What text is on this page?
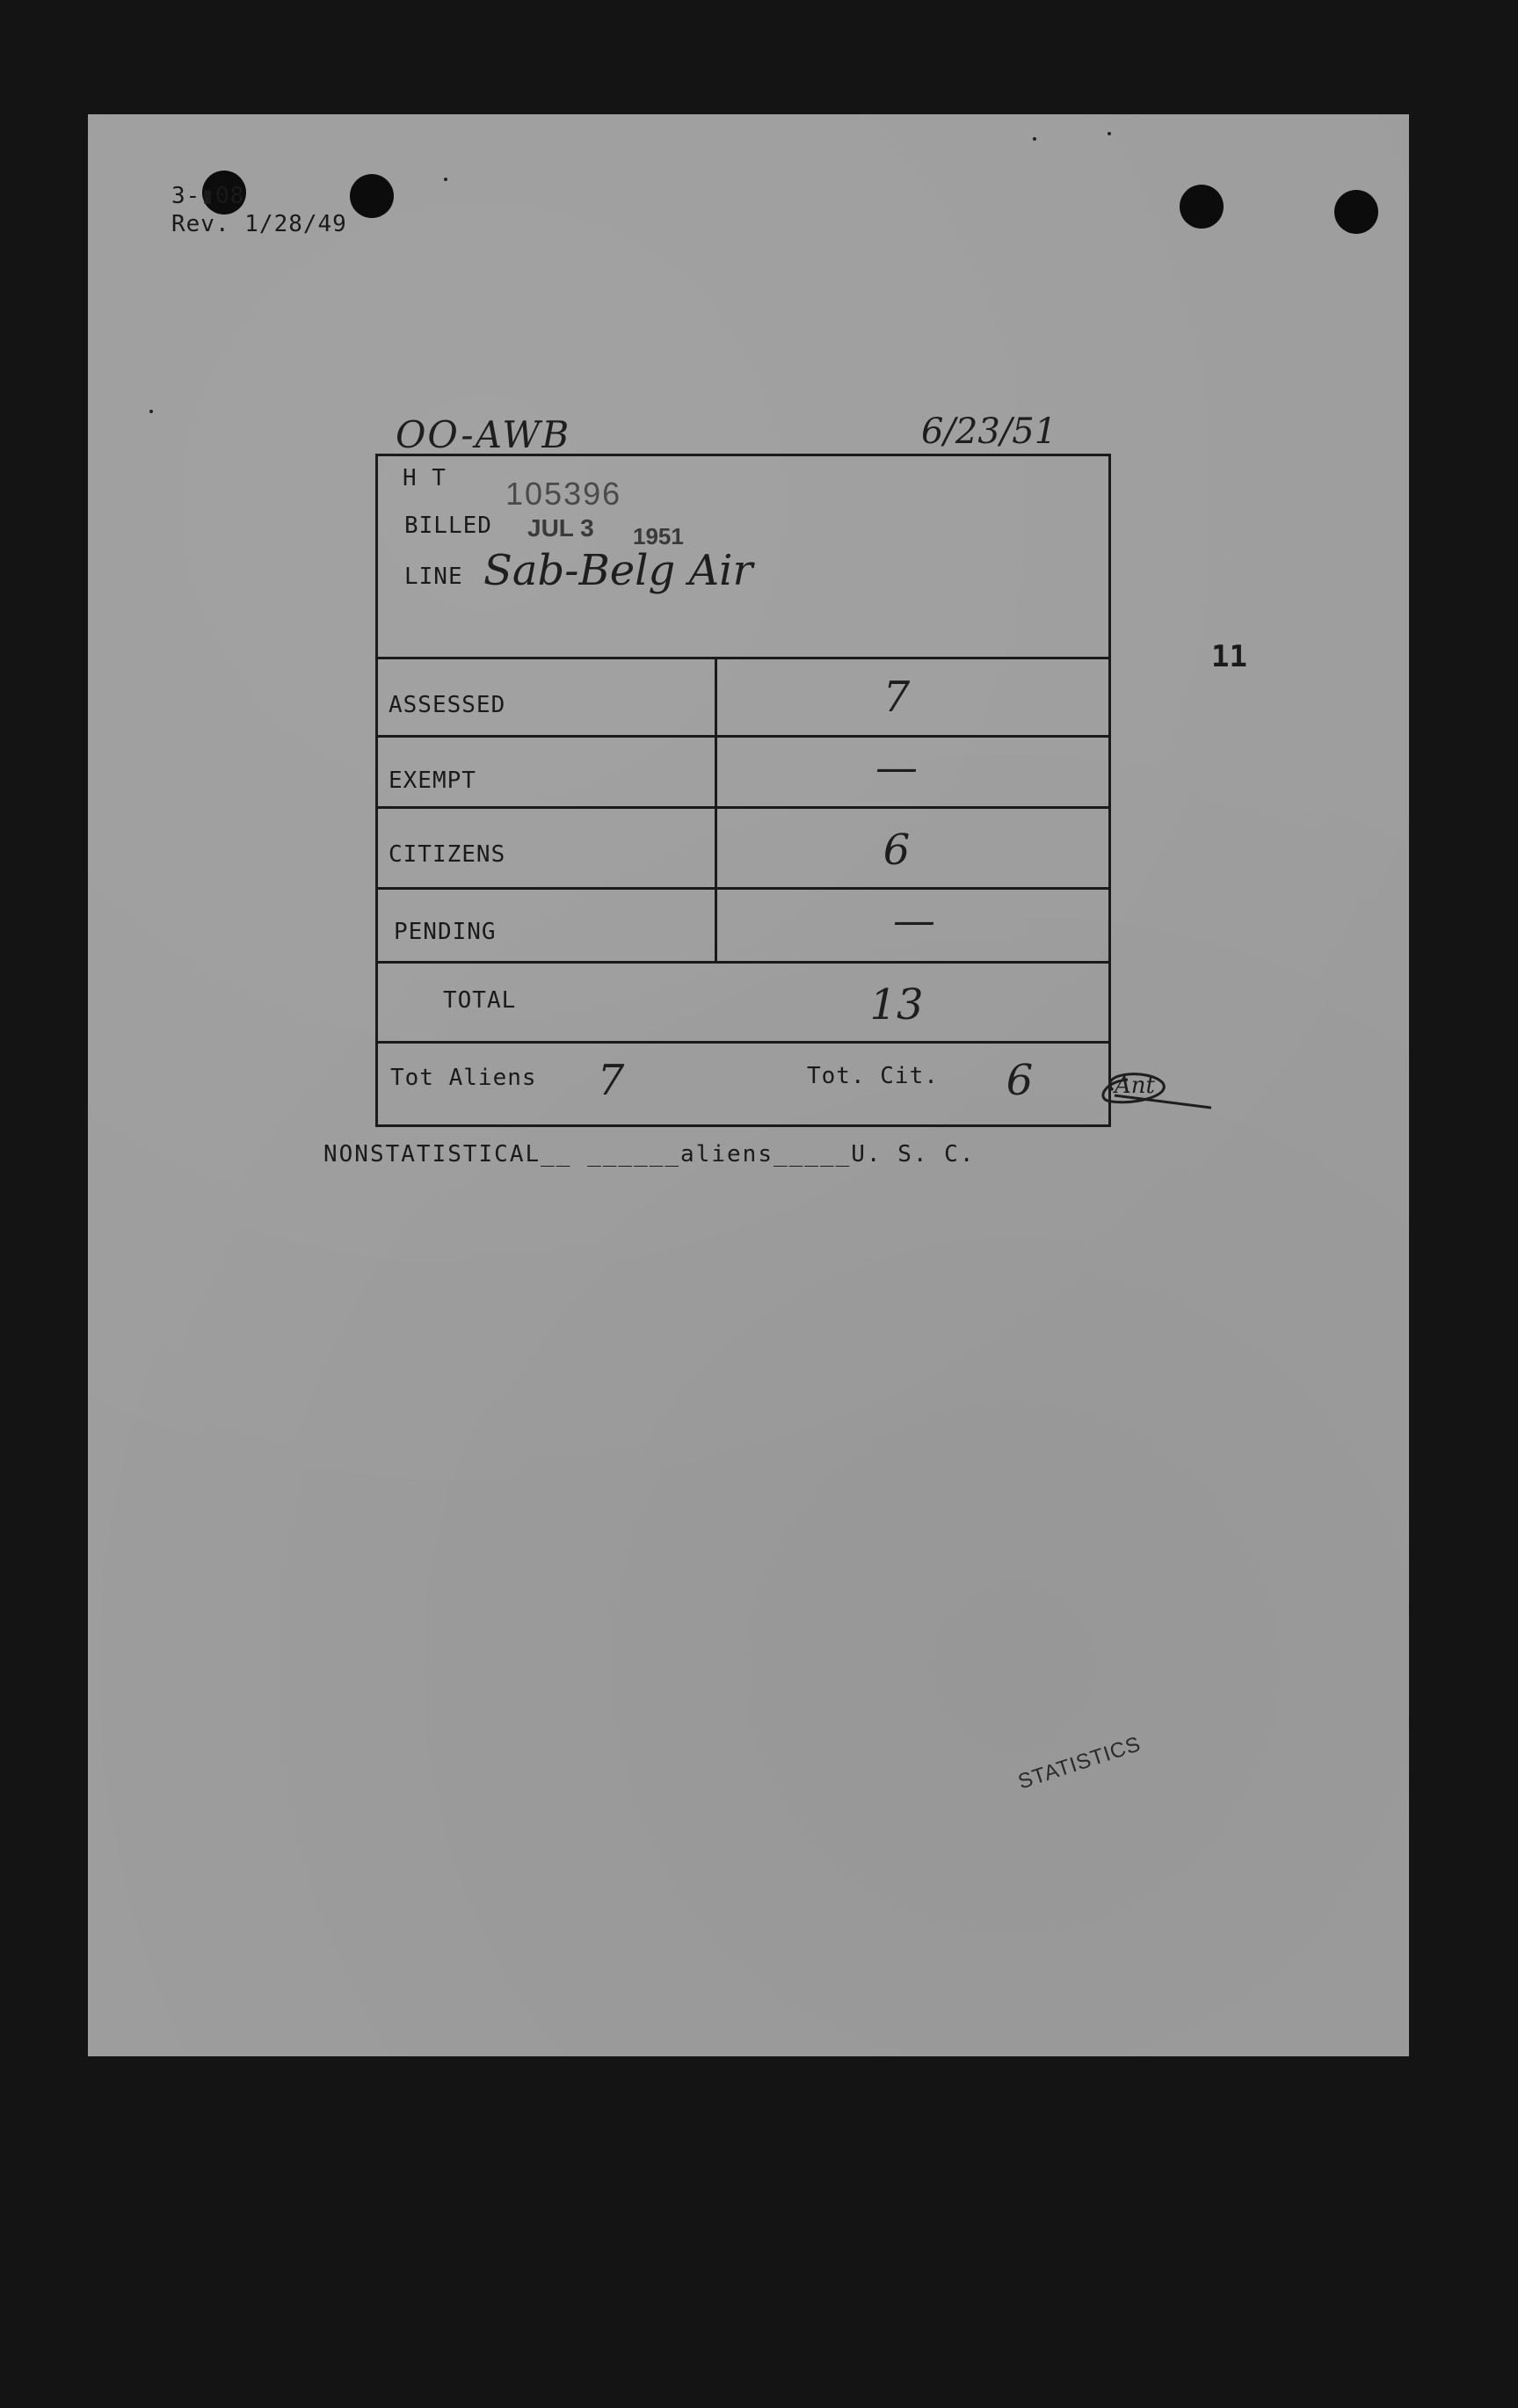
3-▮08
Rev. 1/28/49
OO-AWB	6/23/51
11
H T 105396
BILLED JUL 3 1951
LINE Sab-Belg Air
ASSESSED	7
EXEMPT	—
CITIZENS	6
PENDING	—
TOTAL	13
Tot Aliens	7	Tot. Cit.	6	Ant
NONSTATISTICAL__ ______aliens_____U. S. C.
STATISTICS
